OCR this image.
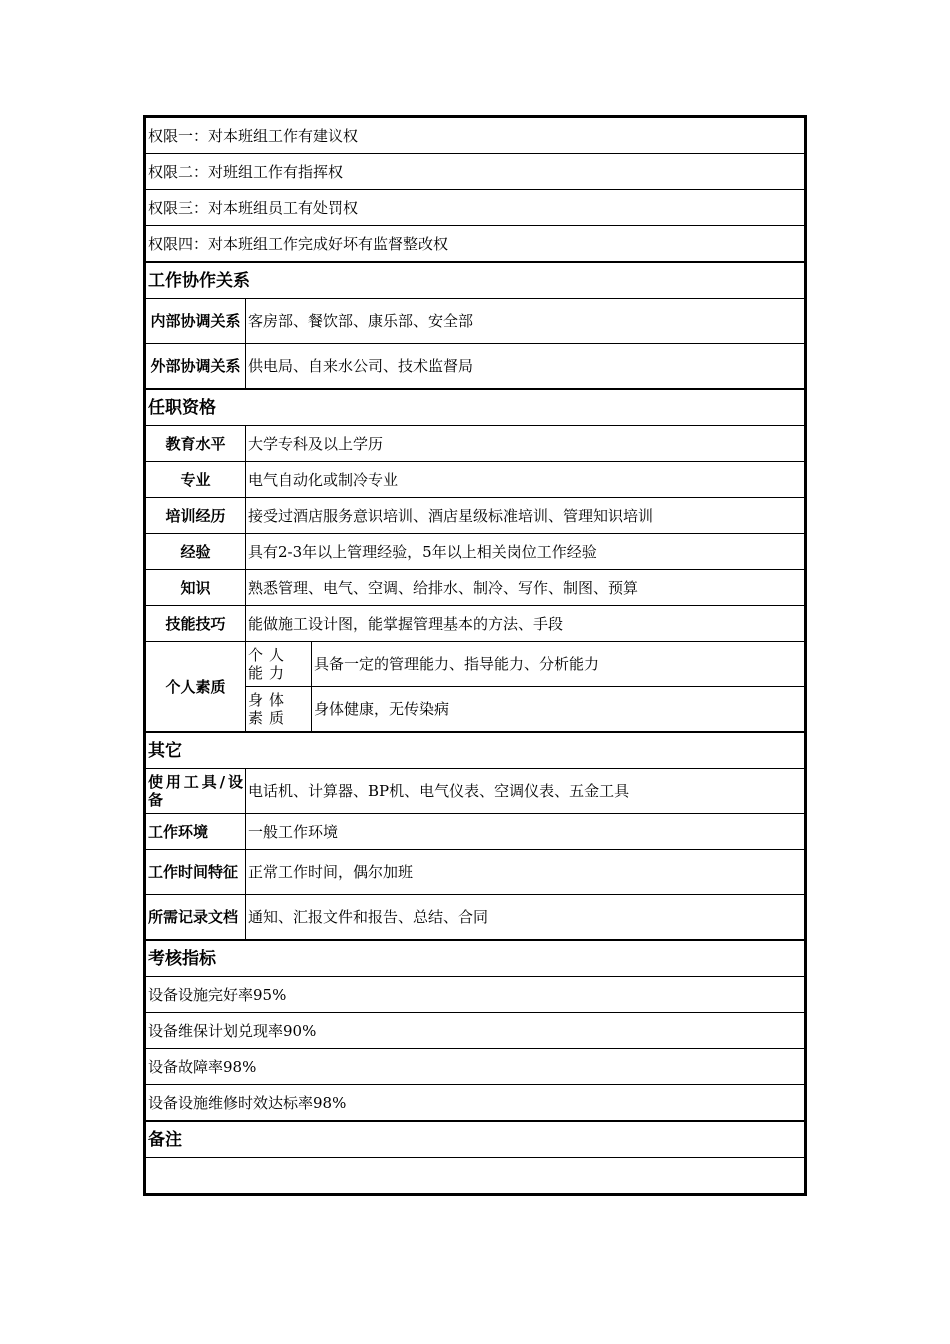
权限一：对本班组工作有建议权		
权限二：对班组工作有指挥权		
权限三：对本班组员工有处罚权		
权限四：对本班组工作完成好坏有监督整改权		
工作协作关系		
内部协调关系	客房部、餐饮部、康乐部、安全部	
外部协调关系	供电局、自来水公司、技术监督局	
任职资格		
教育水平	大学专科及以上学历	
专业	电气自动化或制冷专业	
培训经历	接受过酒店服务意识培训、酒店星级标准培训、管理知识培训	
经验	具有2-3年以上管理经验，5年以上相关岗位工作经验	
知识	熟悉管理、电气、空调、给排水、制冷、写作、制图、预算	
技能技巧	能做施工设计图，能掌握管理基本的方法、手段	
个人素质	个人能力	具备一定的管理能力、指导能力、分析能力
	身体素质	身体健康，无传染病
其它		
使用工具/设备	电话机、计算器、BP机、电气仪表、空调仪表、五金工具	
工作环境	一般工作环境	
工作时间特征	正常工作时间，偶尔加班	
所需记录文档	通知、汇报文件和报告、总结、合同	
考核指标		
设备设施完好率95%		
设备维保计划兑现率90%		
设备故障率98%		
设备设施维修时效达标率98%		
备注		
